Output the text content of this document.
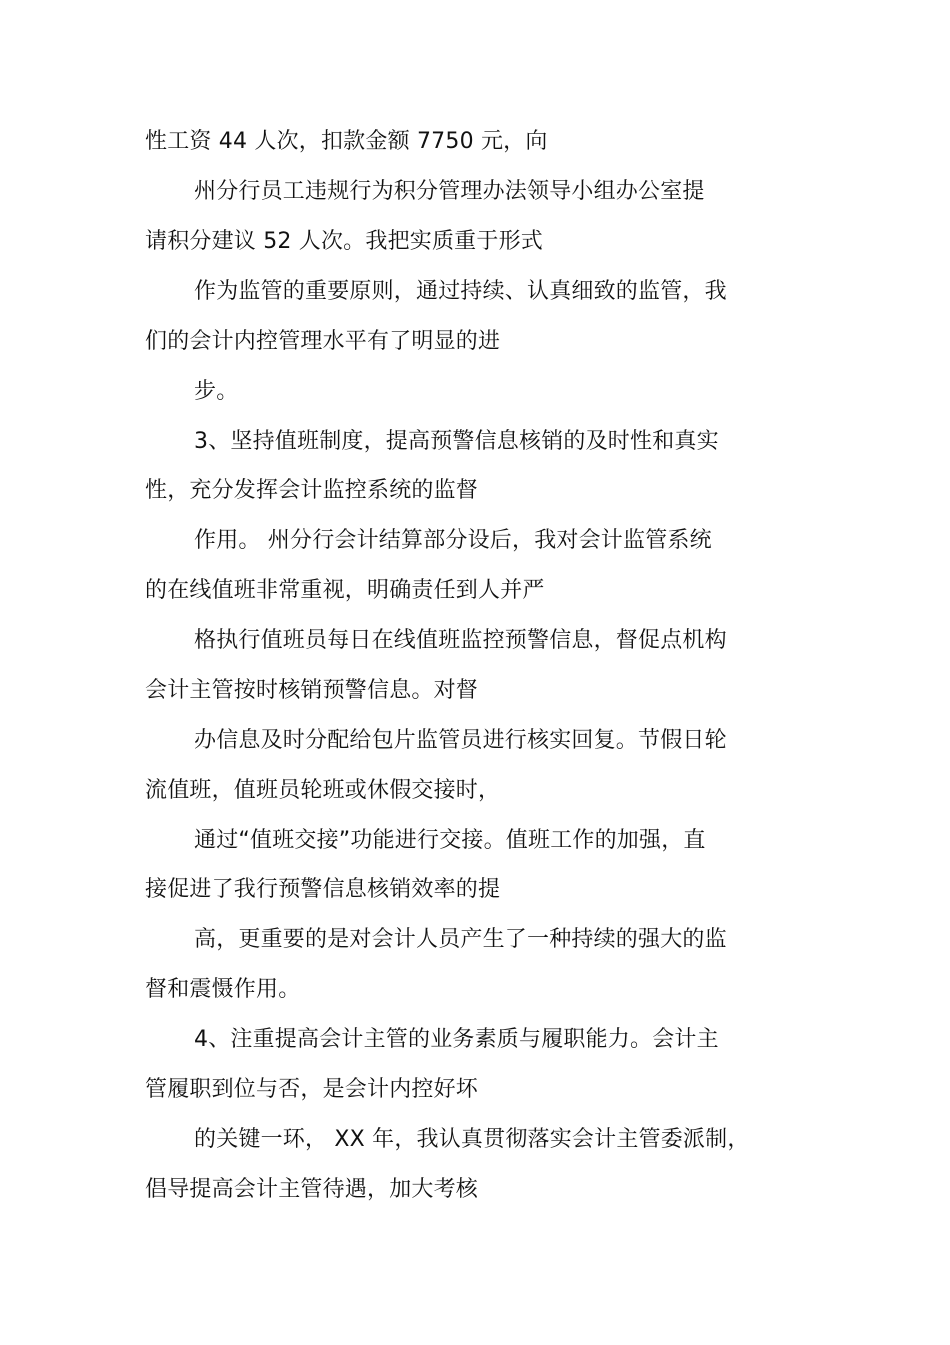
性工资 44 人次，扣款金额 7750 元，向
州分行员工违规行为积分管理办法领导小组办公室提
请积分建议 52 人次。我把实质重于形式
作为监管的重要原则，通过持续、认真细致的监管，我
们的会计内控管理水平有了明显的进
步。
3、坚持值班制度，提高预警信息核销的及时性和真实
性，充分发挥会计监控系统的监督
作用。 州分行会计结算部分设后，我对会计监管系统
的在线值班非常重视，明确责任到人并严
格执行值班员每日在线值班监控预警信息，督促点机构
会计主管按时核销预警信息。对督
办信息及时分配给包片监管员进行核实回复。节假日轮
流值班，值班员轮班或休假交接时，
通过“值班交接”功能进行交接。值班工作的加强，直
接促进了我行预警信息核销效率的提
高，更重要的是对会计人员产生了一种持续的强大的监
督和震慑作用。
4、注重提高会计主管的业务素质与履职能力。会计主
管履职到位与否，是会计内控好坏
的关键一环， XX 年，我认真贯彻落实会计主管委派制，
倡导提高会计主管待遇，加大考核
